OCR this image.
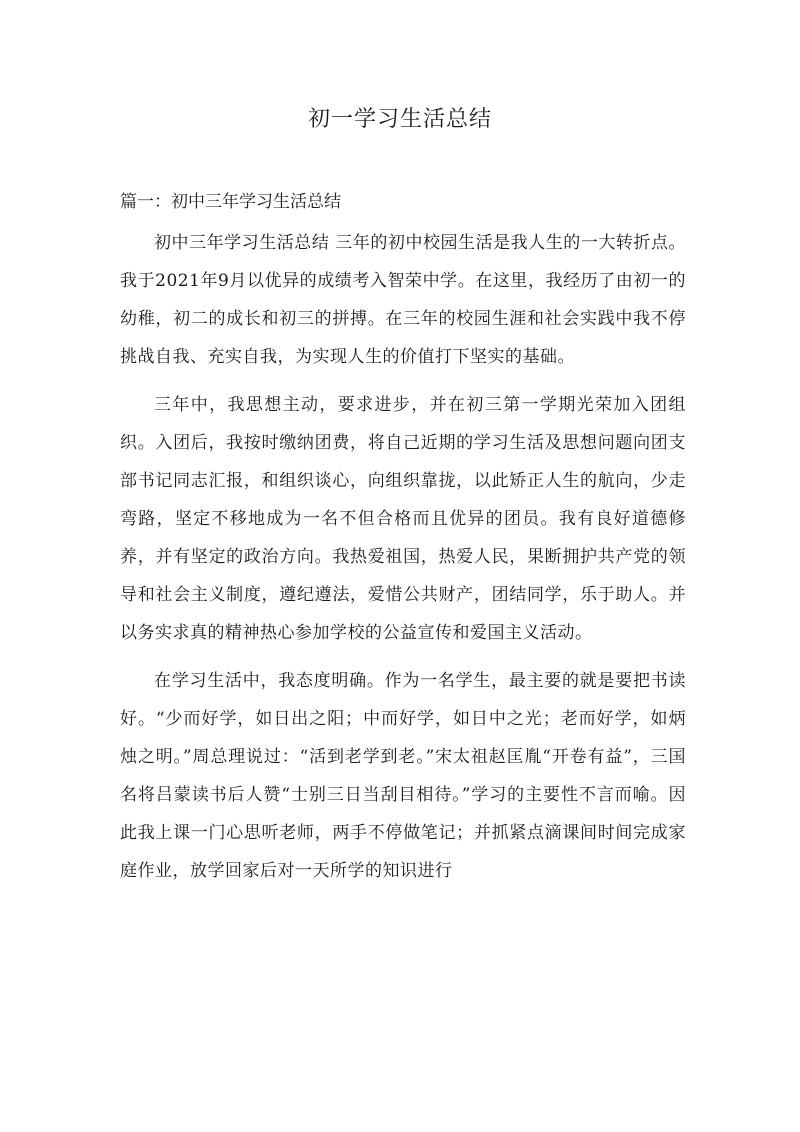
初一学习生活总结
篇一：初中三年学习生活总结

初中三年学习生活总结 三年的初中校园生活是我人生的一大转折点。我于2021年9月以优异的成绩考入智荣中学。在这里，我经历了由初一的幼稚，初二的成长和初三的拼搏。在三年的校园生涯和社会实践中我不停挑战自我、充实自我，为实现人生的价值打下坚实的基础。

三年中，我思想主动，要求进步，并在初三第一学期光荣加入团组织。入团后，我按时缴纳团费，将自己近期的学习生活及思想问题向团支部书记同志汇报，和组织谈心，向组织靠拢，以此矫正人生的航向，少走弯路，坚定不移地成为一名不但合格而且优异的团员。我有良好道德修养，并有坚定的政治方向。我热爱祖国，热爱人民，果断拥护共产党的领导和社会主义制度，遵纪遵法，爱惜公共财产，团结同学，乐于助人。并以务实求真的精神热心参加学校的公益宣传和爱国主义活动。

在学习生活中，我态度明确。作为一名学生，最主要的就是要把书读好。“少而好学，如日出之阳；中而好学，如日中之光；老而好学，如炳烛之明。”周总理说过：“活到老学到老。”宋太祖赵匡胤“开卷有益”，三国名将吕蒙读书后人赞“士别三日当刮目相待。”学习的主要性不言而喻。因此我上课一门心思听老师，两手不停做笔记；并抓紧点滴课间时间完成家庭作业，放学回家后对一天所学的知识进行
